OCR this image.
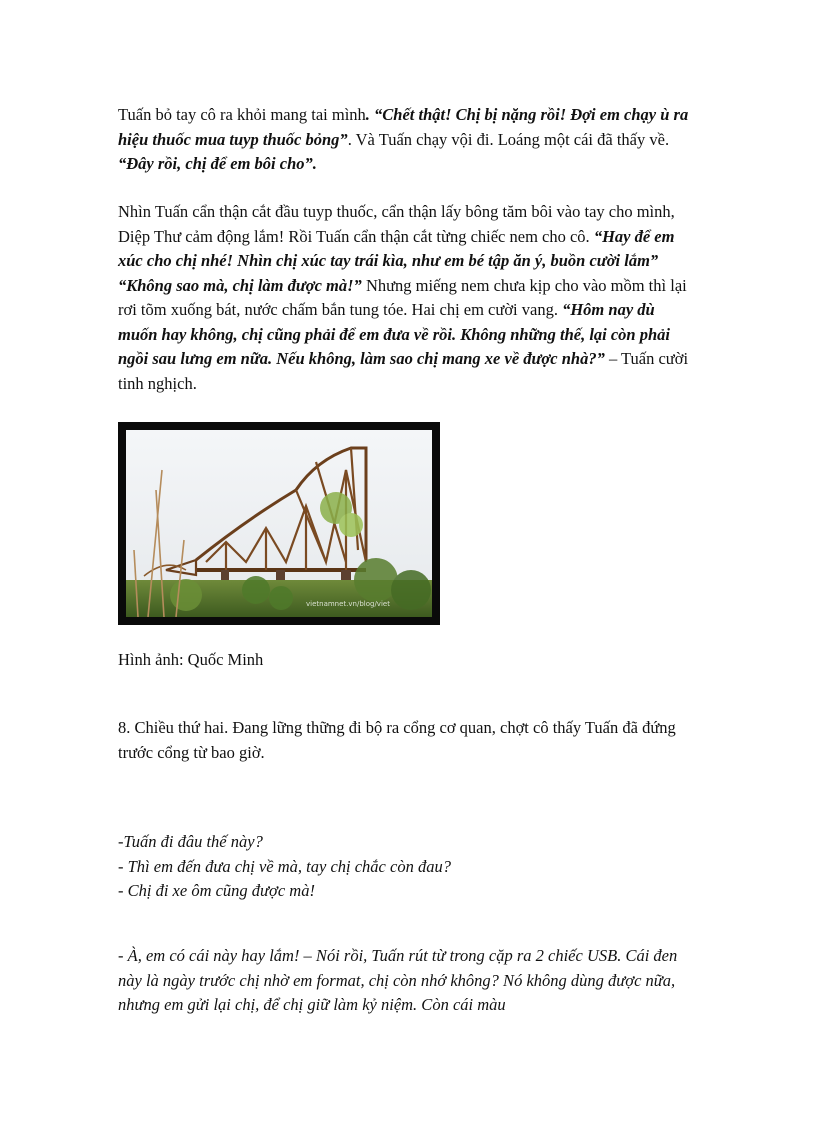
Tuấn bỏ tay cô ra khỏi mang tai mình. “Chết thật! Chị bị nặng rồi! Đợi em chạy ù ra hiệu thuốc mua tuyp thuốc bỏng”. Và Tuấn chạy vội đi. Loáng một cái đã thấy về. “Đây rồi, chị để em bôi cho”.

Nhìn Tuấn cẩn thận cắt đầu tuyp thuốc, cẩn thận lấy bông tăm bôi vào tay cho mình, Diệp Thư cảm động lắm! Rồi Tuấn cẩn thận cắt từng chiếc nem cho cô. “Hay để em xúc cho chị nhé! Nhìn chị xúc tay trái kìa, như em bé tập ăn ý, buồn cười lắm” “Không sao mà, chị làm được mà!” Nhưng miếng nem chưa kịp cho vào mồm thì lại rơi tõm xuống bát, nước chấm bắn tung tóe. Hai chị em cười vang. “Hôm nay dù muốn hay không, chị cũng phải để em đưa về rồi. Không những thế, lại còn phải ngồi sau lưng em nữa. Nếu không, làm sao chị mang xe về được nhà?” – Tuấn cười tinh nghịch.

vietnamnet.vn/blog/viet

Hình ảnh: Quốc Minh

8. Chiều thứ hai. Đang lững thững đi bộ ra cổng cơ quan, chợt cô thấy Tuấn đã đứng trước cổng từ bao giờ.

-Tuấn đi đâu thế này?
- Thì em đến đưa chị về mà, tay chị chắc còn đau?
- Chị đi xe ôm cũng được mà!

- À, em có cái này hay lắm! – Nói rồi, Tuấn rút từ trong cặp ra 2 chiếc USB. Cái đen này là ngày trước chị nhờ em format, chị còn nhớ không? Nó không dùng được nữa, nhưng em gửi lại chị, để chị giữ làm kỷ niệm. Còn cái màu
